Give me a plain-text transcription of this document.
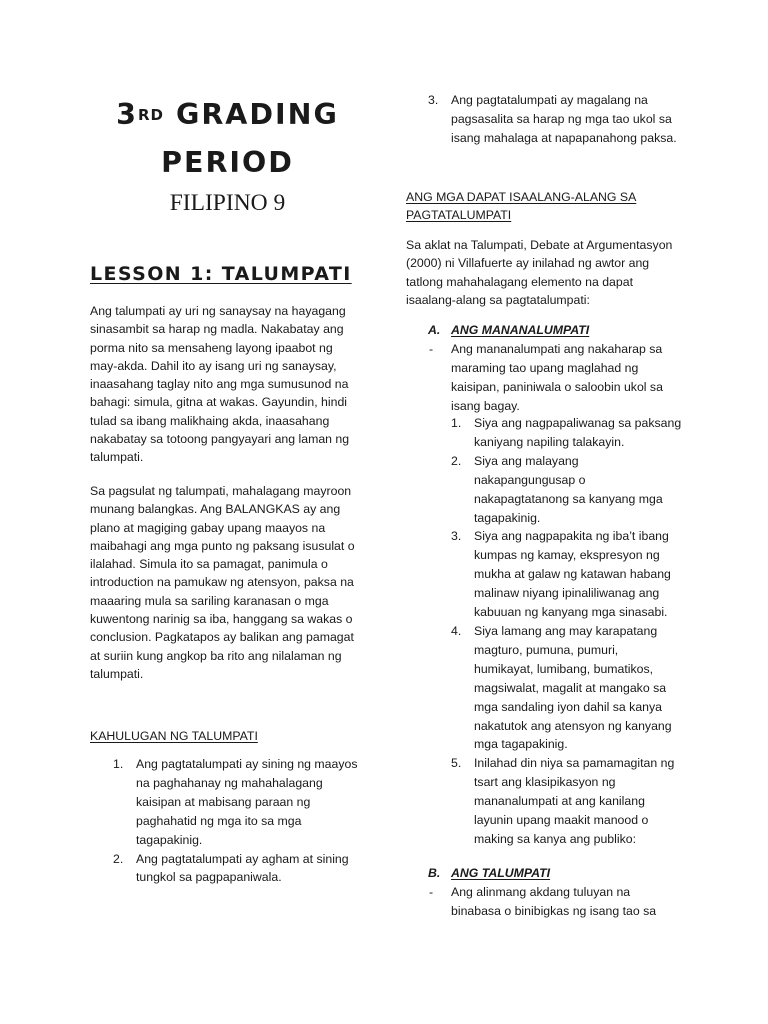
3RD GRADING
PERIOD
FILIPINO 9
LESSON 1: TALUMPATI
Ang talumpati ay uri ng sanaysay na hayagang
sinasambit sa harap ng madla. Nakabatay ang
porma nito sa mensaheng layong ipaabot ng
may-akda. Dahil ito ay isang uri ng sanaysay,
inaasahang taglay nito ang mga sumusunod na
bahagi: simula, gitna at wakas. Gayundin, hindi
tulad sa ibang malikhaing akda, inaasahang
nakabatay sa totoong pangyayari ang laman ng
talumpati.
Sa pagsulat ng talumpati, mahalagang mayroon
munang balangkas. Ang BALANGKAS ay ang
plano at magiging gabay upang maayos na
maibahagi ang mga punto ng paksang isusulat o
ilalahad. Simula ito sa pamagat, panimula o
introduction na pamukaw ng atensyon, paksa na
maaaring mula sa sariling karanasan o mga
kuwentong narinig sa iba, hanggang sa wakas o
conclusion. Pagkatapos ay balikan ang pamagat
at suriin kung angkop ba rito ang nilalaman ng
talumpati.
KAHULUGAN NG TALUMPATI
1. Ang pagtatalumpati ay sining ng maayos
na paghahanay ng mahahalagang
kaisipan at mabisang paraan ng
paghahatid ng mga ito sa mga
tagapakinig.
2. Ang pagtatalumpati ay agham at sining
tungkol sa pagpapaniwala.
3. Ang pagtatalumpati ay magalang na
pagsasalita sa harap ng mga tao ukol sa
isang mahalaga at napapanahong paksa.
ANG MGA DAPAT ISAALANG-ALANG SA
PAGTATALUMPATI
Sa aklat na Talumpati, Debate at Argumentasyon
(2000) ni Villafuerte ay inilahad ng awtor ang
tatlong mahahalagang elemento na dapat
isaalang-alang sa pagtatalumpati:
A. ANG MANANALUMPATI
- Ang mananalumpati ang nakaharap sa
maraming tao upang maglahad ng
kaisipan, paniniwala o saloobin ukol sa
isang bagay.
1. Siya ang nagpapaliwanag sa paksang
kaniyang napiling talakayin.
2. Siya ang malayang
nakapangungusap o
nakapagtatanong sa kanyang mga
tagapakinig.
3. Siya ang nagpapakita ng iba’t ibang
kumpas ng kamay, ekspresyon ng
mukha at galaw ng katawan habang
malinaw niyang ipinaliliwanag ang
kabuuan ng kanyang mga sinasabi.
4. Siya lamang ang may karapatang
magturo, pumuna, pumuri,
humikayat, lumibang, bumatikos,
magsiwalat, magalit at mangako sa
mga sandaling iyon dahil sa kanya
nakatutok ang atensyon ng kanyang
mga tagapakinig.
5. Inilahad din niya sa pamamagitan ng
tsart ang klasipikasyon ng
mananalumpati at ang kanilang
layunin upang maakit manood o
making sa kanya ang publiko:
B. ANG TALUMPATI
- Ang alinmang akdang tuluyan na
binabasa o binibigkas ng isang tao sa
